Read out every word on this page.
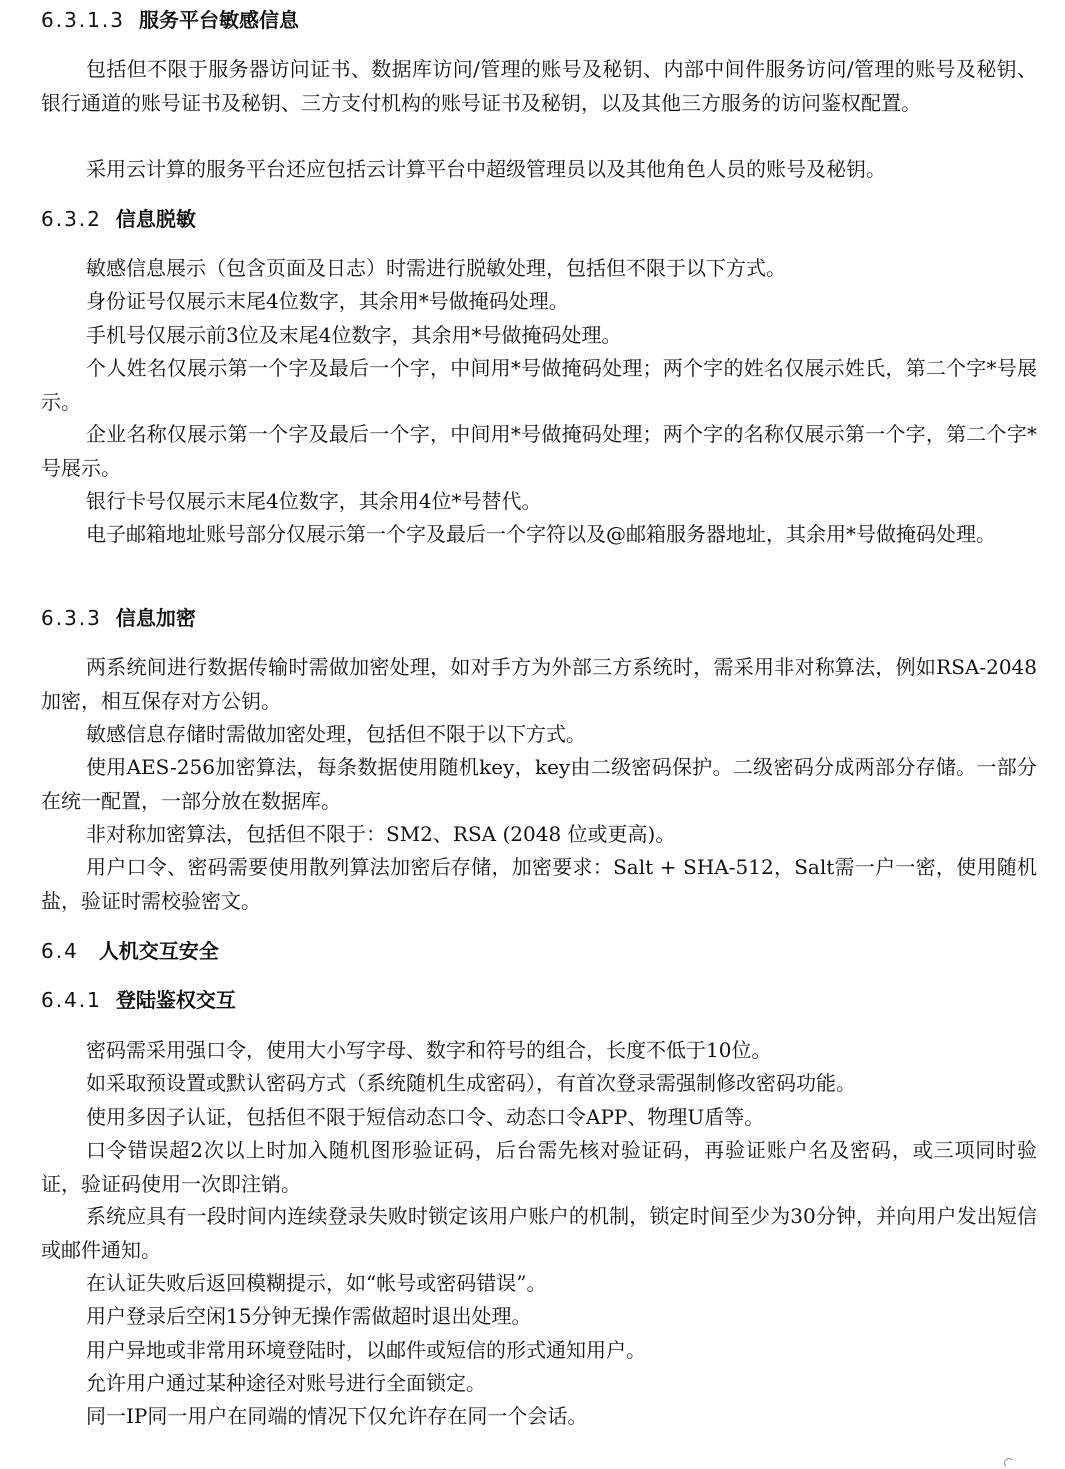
6.3.1.3 服务平台敏感信息

包括但不限于服务器访问证书、数据库访问/管理的账号及秘钥、内部中间件服务访问/管理的账号及秘钥、银行通道的账号证书及秘钥、三方支付机构的账号证书及秘钥，以及其他三方服务的访问鉴权配置。

采用云计算的服务平台还应包括云计算平台中超级管理员以及其他角色人员的账号及秘钥。

6.3.2 信息脱敏

敏感信息展示（包含页面及日志）时需进行脱敏处理，包括但不限于以下方式。

身份证号仅展示末尾4位数字，其余用*号做掩码处理。

手机号仅展示前3位及末尾4位数字，其余用*号做掩码处理。

个人姓名仅展示第一个字及最后一个字，中间用*号做掩码处理；两个字的姓名仅展示姓氏，第二个字*号展示。

企业名称仅展示第一个字及最后一个字，中间用*号做掩码处理；两个字的名称仅展示第一个字，第二个字*号展示。

银行卡号仅展示末尾4位数字，其余用4位*号替代。

电子邮箱地址账号部分仅展示第一个字及最后一个字符以及@邮箱服务器地址，其余用*号做掩码处理。

6.3.3 信息加密

两系统间进行数据传输时需做加密处理，如对手方为外部三方系统时，需采用非对称算法，例如RSA-2048加密，相互保存对方公钥。

敏感信息存储时需做加密处理，包括但不限于以下方式。

使用AES-256加密算法，每条数据使用随机key，key由二级密码保护。二级密码分成两部分存储。一部分在统一配置，一部分放在数据库。

非对称加密算法，包括但不限于：SM2、RSA (2048 位或更高)。

用户口令、密码需要使用散列算法加密后存储，加密要求：Salt + SHA-512，Salt需一户一密，使用随机盐，验证时需校验密文。

6.4 人机交互安全
6.4.1 登陆鉴权交互

密码需采用强口令，使用大小写字母、数字和符号的组合，长度不低于10位。

如采取预设置或默认密码方式（系统随机生成密码），有首次登录需强制修改密码功能。

使用多因子认证，包括但不限于短信动态口令、动态口令APP、物理U盾等。

口令错误超2次以上时加入随机图形验证码，后台需先核对验证码，再验证账户名及密码，或三项同时验证，验证码使用一次即注销。

系统应具有一段时间内连续登录失败时锁定该用户账户的机制，锁定时间至少为30分钟，并向用户发出短信或邮件通知。

在认证失败后返回模糊提示，如“帐号或密码错误”。

用户登录后空闲15分钟无操作需做超时退出处理。

用户异地或非常用环境登陆时，以邮件或短信的形式通知用户。

允许用户通过某种途径对账号进行全面锁定。

同一IP同一用户在同端的情况下仅允许存在同一个会话。
